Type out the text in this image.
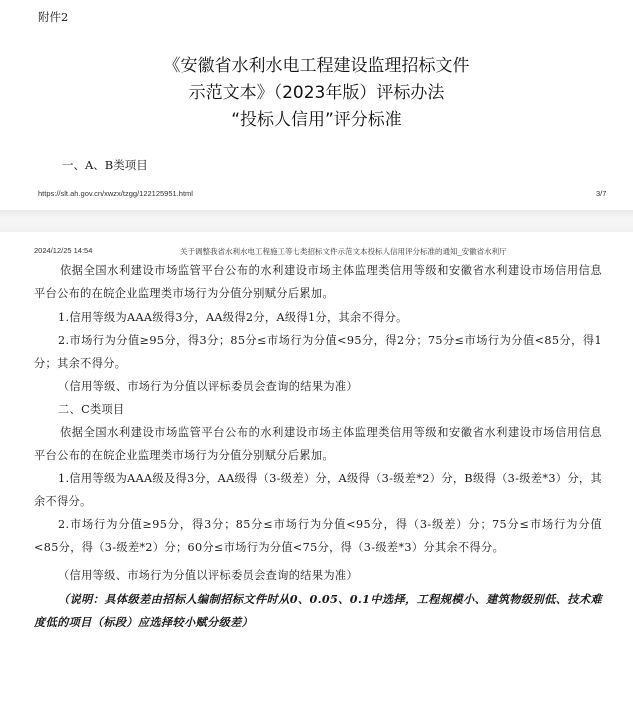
附件2
《安徽省水利水电工程建设监理招标文件
示范文本》（2023年版）评标办法
“投标人信用”评分标准
一、A、B类项目
https://slt.ah.gov.cn/xwzx/tzgg/122125951.html	3/7
2024/12/25 14:54	关于调整我省水利水电工程施工等七类招标文件示范文本投标人信用评分标准的通知_安徽省水利厅
依据全国水利建设市场监管平台公布的水利建设市场主体监理类信用等级和安徽省水利建设市场信用信息平台公布的在皖企业监理类市场行为分值分别赋分后累加。
1.信用等级为AAA级得3分，AA级得2分，A级得1分，其余不得分。
2.市场行为分值≥95分，得3分；85分≤市场行为分值<95分，得2分；75分≤市场行为分值<85分，得1分；其余不得分。
（信用等级、市场行为分值以评标委员会查询的结果为准）
二、C类项目
依据全国水利建设市场监管平台公布的水利建设市场主体监理类信用等级和安徽省水利建设市场信用信息平台公布的在皖企业监理类市场行为分值分别赋分后累加。
1.信用等级为AAA级及得3分，AA级得（3-级差）分，A级得（3-级差*2）分，B级得（3-级差*3）分，其余不得分。
2.市场行为分值≥95分，得3分；85分≤市场行为分值<95分，得（3-级差）分；75分≤市场行为分值<85分，得（3-级差*2）分；60分≤市场行为分值<75分，得（3-级差*3）分其余不得分。
（信用等级、市场行为分值以评标委员会查询的结果为准）
（说明：具体级差由招标人编制招标文件时从0、0.05、0.1中选择，工程规模小、建筑物级别低、技术难度低的项目（标段）应选择较小赋分级差）
